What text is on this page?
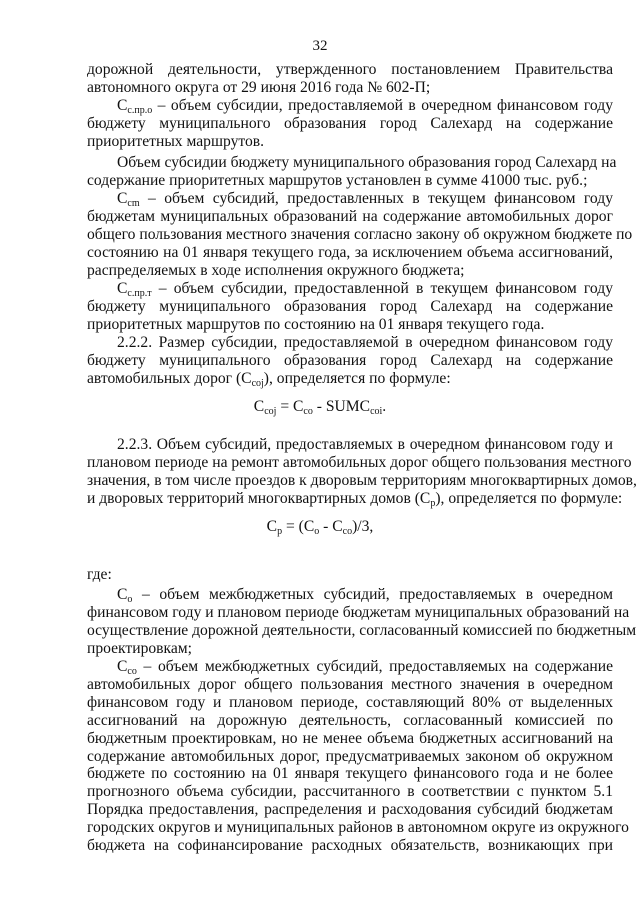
32
дорожной деятельности, утвержденного постановлением Правительства
автономного округа от 29 июня 2016 года № 602-П;
$С_{с.пр.о}$ – объем субсидии, предоставляемой в очередном финансовом году
бюджету муниципального образования город Салехард на содержание
приоритетных маршрутов.
Объем субсидии бюджету муниципального образования город Салехард на
содержание приоритетных маршрутов установлен в сумме 41000 тыс. руб.;
$С_{сm}$ – объем субсидий, предоставленных в текущем финансовом году
бюджетам муниципальных образований на содержание автомобильных дорог
общего пользования местного значения согласно закону об окружном бюджете по
состоянию на 01 января текущего года, за исключением объема ассигнований,
распределяемых в ходе исполнения окружного бюджета;
$С_{с.пр.т}$ – объем субсидии, предоставленной в текущем финансовом году
бюджету муниципального образования город Салехард на содержание
приоритетных маршрутов по состоянию на 01 января текущего года.
2.2.2. Размер субсидии, предоставляемой в очередном финансовом году
бюджету муниципального образования город Салехард на содержание
автомобильных дорог $(С_{соj})$, определяется по формуле:
$С_{соj} = С_{со}$ - $SUMС_{соi}$.
2.2.3. Объем субсидий, предоставляемых в очередном финансовом году и
плановом периоде на ремонт автомобильных дорог общего пользования местного
значения, в том числе проездов к дворовым территориям многоквартирных домов,
и дворовых территорий многоквартирных домов $(С_р)$, определяется по формуле:
$С_р = (С_о - С_{со})/3$,
где:
$С_о$ – объем межбюджетных субсидий, предоставляемых в очередном
финансовом году и плановом периоде бюджетам муниципальных образований на
осуществление дорожной деятельности, согласованный комиссией по бюджетным
проектировкам;
$С_{со}$ – объем межбюджетных субсидий, предоставляемых на содержание
автомобильных дорог общего пользования местного значения в очередном
финансовом году и плановом периоде, составляющий 80% от выделенных
ассигнований на дорожную деятельность, согласованный комиссией по
бюджетным проектировкам, но не менее объема бюджетных ассигнований на
содержание автомобильных дорог, предусматриваемых законом об окружном
бюджете по состоянию на 01 января текущего финансового года и не более
прогнозного объема субсидии, рассчитанного в соответствии с пунктом 5.1
Порядка предоставления, распределения и расходования субсидий бюджетам
городских округов и муниципальных районов в автономном округе из окружного
бюджета на софинансирование расходных обязательств, возникающих при
